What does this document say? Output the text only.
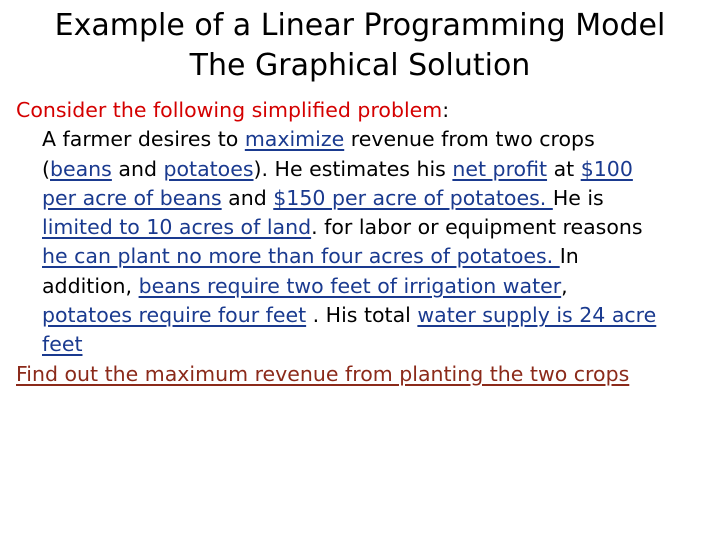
Example of a Linear Programming Model
The Graphical Solution
Consider the following simplified problem:
A farmer desires to maximize revenue from two crops
(beans and potatoes). He estimates his net profit at $100
per acre of beans and $150 per acre of potatoes. He is
limited to 10 acres of land. for labor or equipment reasons
he can plant no more than four acres of potatoes. In
addition, beans require two feet of irrigation water,
potatoes require four feet . His total water supply is 24 acre
feet
Find out the maximum revenue from planting the two crops
